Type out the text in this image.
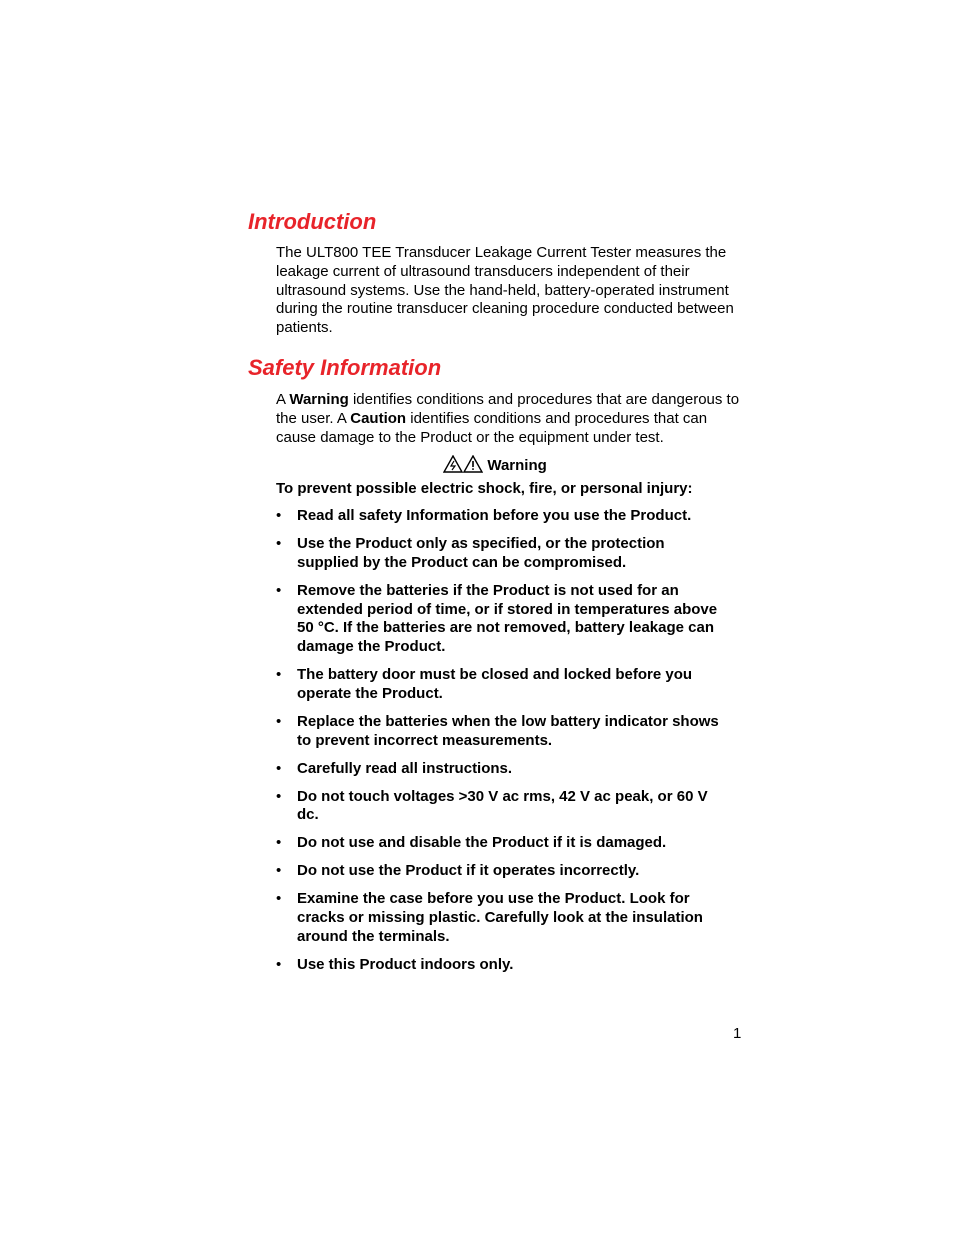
Introduction

The ULT800 TEE Transducer Leakage Current Tester measures the leakage current of ultrasound transducers independent of their ultrasound systems. Use the hand-held, battery-operated instrument during the routine transducer cleaning procedure conducted between patients.

Safety Information

A Warning identifies conditions and procedures that are dangerous to the user. A Caution identifies conditions and procedures that can cause damage to the Product or the equipment under test.

Warning
To prevent possible electric shock, fire, or personal injury:
• Read all safety Information before you use the Product.
• Use the Product only as specified, or the protection supplied by the Product can be compromised.
• Remove the batteries if the Product is not used for an extended period of time, or if stored in temperatures above 50 °C. If the batteries are not removed, battery leakage can damage the Product.
• The battery door must be closed and locked before you operate the Product.
• Replace the batteries when the low battery indicator shows to prevent incorrect measurements.
• Carefully read all instructions.
• Do not touch voltages >30 V ac rms, 42 V ac peak, or 60 V dc.
• Do not use and disable the Product if it is damaged.
• Do not use the Product if it operates incorrectly.
• Examine the case before you use the Product. Look for cracks or missing plastic. Carefully look at the insulation around the terminals.
• Use this Product indoors only.
1
